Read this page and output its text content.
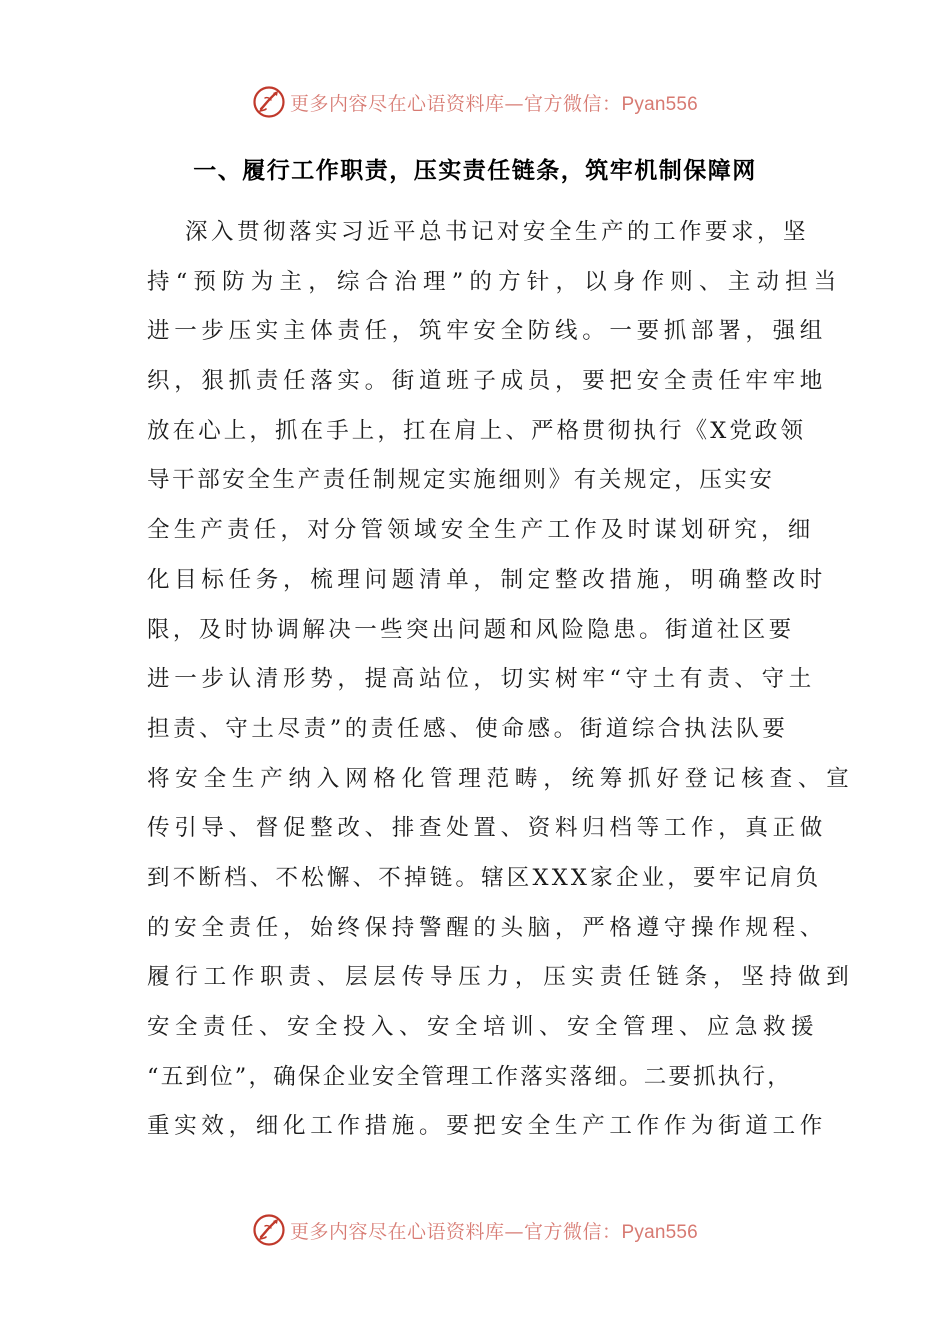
更多内容尽在心语资料库—官方微信：Pyan556
一、履行工作职责，压实责任链条，筑牢机制保障网
深入贯彻落实习近平总书记对安全生产的工作要求，坚
持“预防为主，综合治理”的方针，以身作则、主动担当
进一步压实主体责任，筑牢安全防线。一要抓部署，强组
织，狠抓责任落实。街道班子成员，要把安全责任牢牢地
放在心上，抓在手上，扛在肩上、严格贯彻执行《X党政领
导干部安全生产责任制规定实施细则》有关规定，压实安
全生产责任，对分管领域安全生产工作及时谋划研究，细
化目标任务，梳理问题清单，制定整改措施，明确整改时
限，及时协调解决一些突出问题和风险隐患。街道社区要
进一步认清形势，提高站位，切实树牢“守土有责、守土
担责、守土尽责”的责任感、使命感。街道综合执法队要
将安全生产纳入网格化管理范畴，统筹抓好登记核查、宣
传引导、督促整改、排查处置、资料归档等工作，真正做
到不断档、不松懈、不掉链。辖区XXX家企业，要牢记肩负
的安全责任，始终保持警醒的头脑，严格遵守操作规程、
履行工作职责、层层传导压力，压实责任链条，坚持做到
安全责任、安全投入、安全培训、安全管理、应急救援
“五到位”，确保企业安全管理工作落实落细。二要抓执行，
重实效，细化工作措施。要把安全生产工作作为街道工作
更多内容尽在心语资料库—官方微信：Pyan556
